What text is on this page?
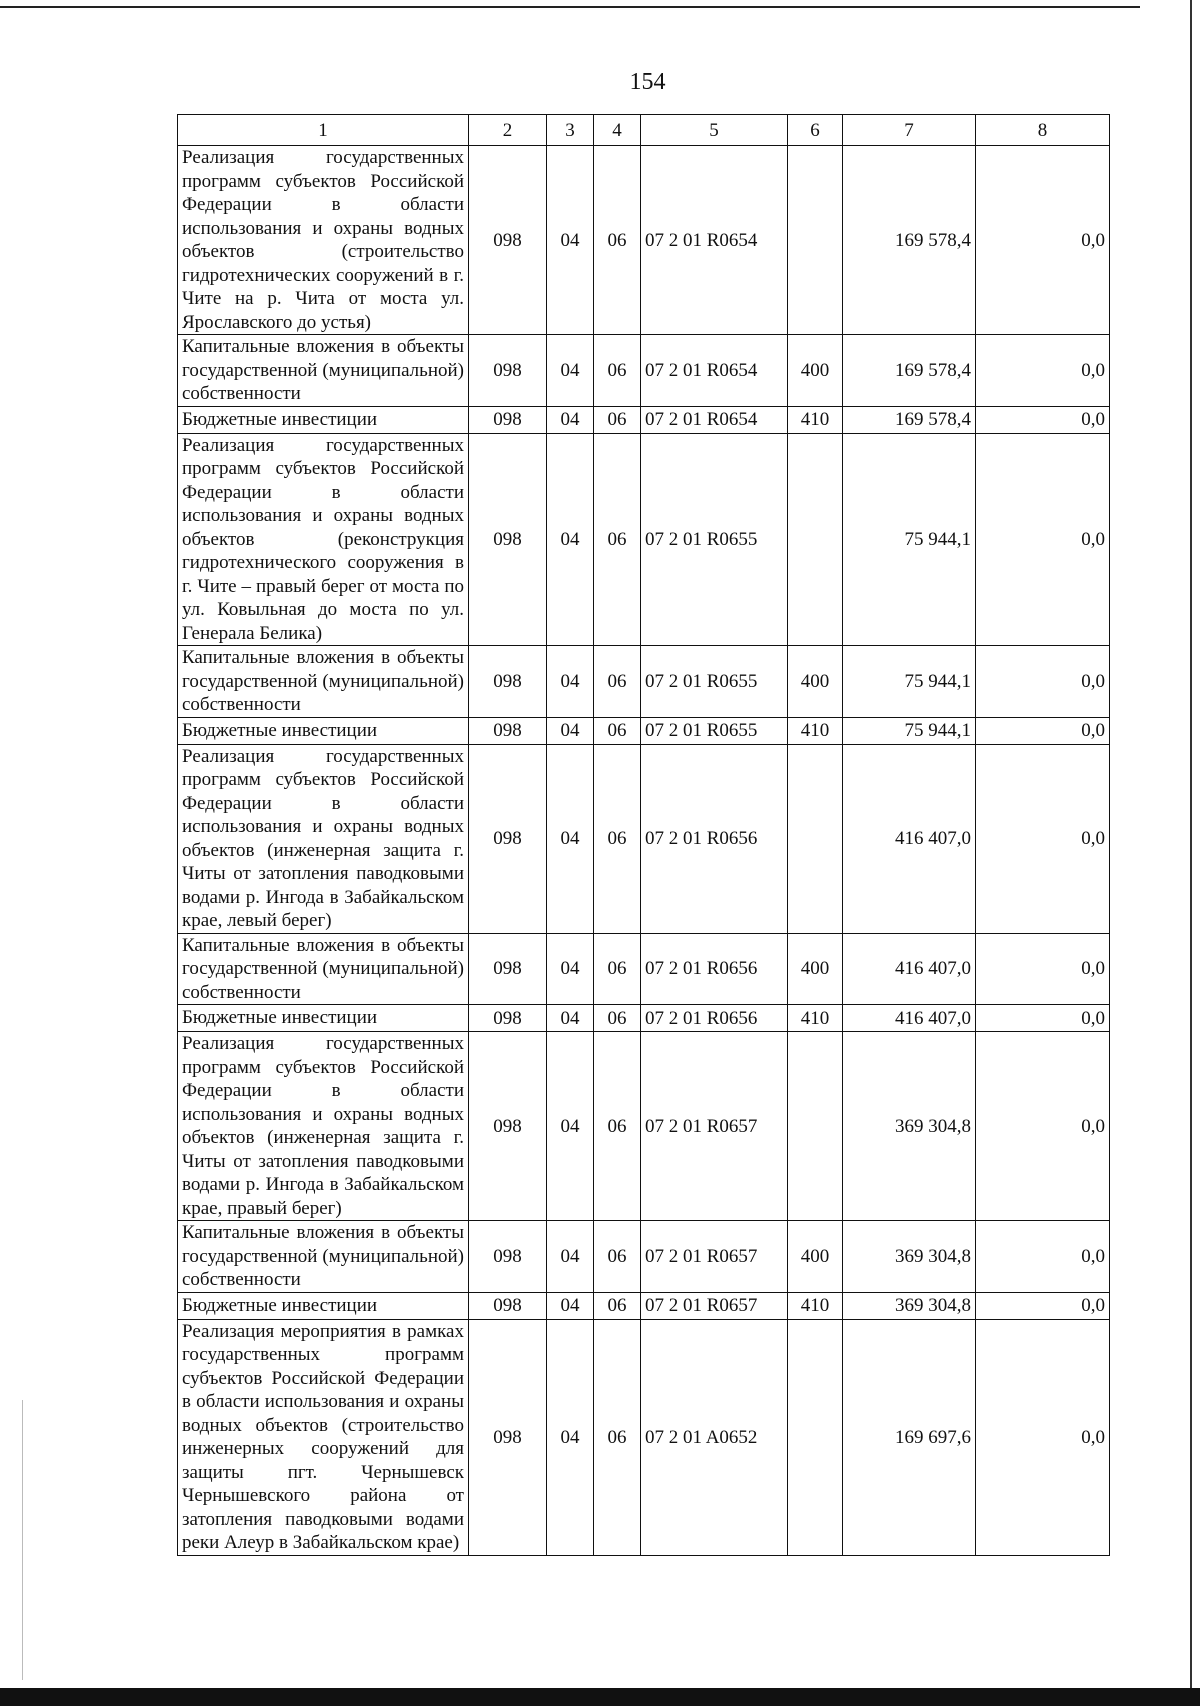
154
1	2	3	4	5	6	7	8
Реализация государственных программ субъектов Российской Федерации в области использования и охраны водных объектов (строительство гидротехнических сооружений в г. Чите на р. Чита от моста ул. Ярославского до устья)	098	04	06	07 2 01 R0654		169 578,4	0,0
Капитальные вложения в объекты государственной (муниципальной) собственности	098	04	06	07 2 01 R0654	400	169 578,4	0,0
Бюджетные инвестиции	098	04	06	07 2 01 R0654	410	169 578,4	0,0
Реализация государственных программ субъектов Российской Федерации в области использования и охраны водных объектов (реконструкция гидротехнического сооружения в г. Чите – правый берег от моста по ул. Ковыльная до моста по ул. Генерала Белика)	098	04	06	07 2 01 R0655		75 944,1	0,0
Капитальные вложения в объекты государственной (муниципальной) собственности	098	04	06	07 2 01 R0655	400	75 944,1	0,0
Бюджетные инвестиции	098	04	06	07 2 01 R0655	410	75 944,1	0,0
Реализация государственных программ субъектов Российской Федерации в области использования и охраны водных объектов (инженерная защита г. Читы от затопления паводковыми водами р. Ингода в Забайкальском крае, левый берег)	098	04	06	07 2 01 R0656		416 407,0	0,0
Капитальные вложения в объекты государственной (муниципальной) собственности	098	04	06	07 2 01 R0656	400	416 407,0	0,0
Бюджетные инвестиции	098	04	06	07 2 01 R0656	410	416 407,0	0,0
Реализация государственных программ субъектов Российской Федерации в области использования и охраны водных объектов (инженерная защита г. Читы от затопления паводковыми водами р. Ингода в Забайкальском крае, правый берег)	098	04	06	07 2 01 R0657		369 304,8	0,0
Капитальные вложения в объекты государственной (муниципальной) собственности	098	04	06	07 2 01 R0657	400	369 304,8	0,0
Бюджетные инвестиции	098	04	06	07 2 01 R0657	410	369 304,8	0,0
Реализация мероприятия в рамках государственных программ субъектов Российской Федерации в области использования и охраны водных объектов (строительство инженерных сооружений для защиты пгт. Чернышевск Чернышевского района от затопления паводковыми водами реки Алеур в Забайкальском крае)	098	04	06	07 2 01 A0652		169 697,6	0,0
